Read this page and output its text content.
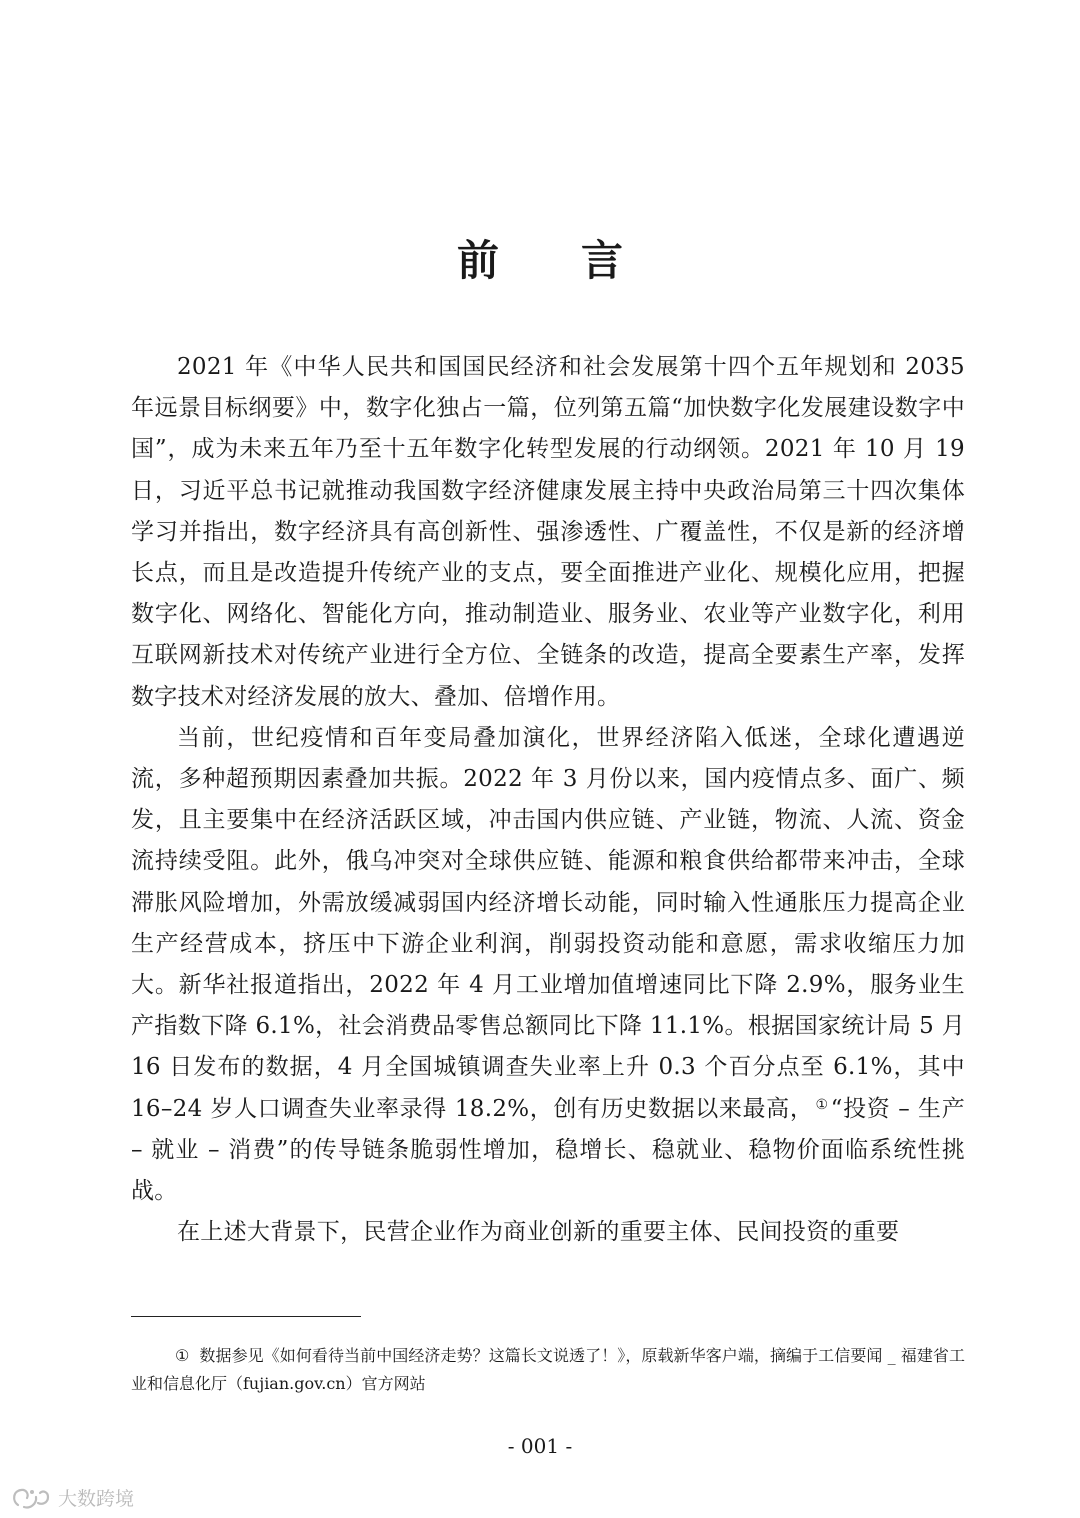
前 言

2021 年《中华人民共和国国民经济和社会发展第十四个五年规划和 2035 年远景目标纲要》中，数字化独占一篇，位列第五篇“加快数字化发展建设数字中国”，成为未来五年乃至十五年数字化转型发展的行动纲领。2021 年 10 月 19 日，习近平总书记就推动我国数字经济健康发展主持中央政治局第三十四次集体学习并指出，数字经济具有高创新性、强渗透性、广覆盖性，不仅是新的经济增长点，而且是改造提升传统产业的支点，要全面推进产业化、规模化应用，把握数字化、网络化、智能化方向，推动制造业、服务业、农业等产业数字化，利用互联网新技术对传统产业进行全方位、全链条的改造，提高全要素生产率，发挥数字技术对经济发展的放大、叠加、倍增作用。

当前，世纪疫情和百年变局叠加演化，世界经济陷入低迷，全球化遭遇逆流，多种超预期因素叠加共振。2022 年 3 月份以来，国内疫情点多、面广、频发，且主要集中在经济活跃区域，冲击国内供应链、产业链，物流、人流、资金流持续受阻。此外，俄乌冲突对全球供应链、能源和粮食供给都带来冲击，全球滞胀风险增加，外需放缓减弱国内经济增长动能，同时输入性通胀压力提高企业生产经营成本，挤压中下游企业利润，削弱投资动能和意愿，需求收缩压力加大。新华社报道指出，2022 年 4 月工业增加值增速同比下降 2.9%，服务业生产指数下降 6.1%，社会消费品零售总额同比下降 11.1%。根据国家统计局 5 月 16 日发布的数据，4 月全国城镇调查失业率上升 0.3 个百分点至 6.1%，其中 16–24 岁人口调查失业率录得 18.2%，创有历史数据以来最高， ①“投资 – 生产 – 就业 – 消费”的传导链条脆弱性增加，稳增长、稳就业、稳物价面临系统性挑战。

在上述大背景下，民营企业作为商业创新的重要主体、民间投资的重要

① 数据参见《如何看待当前中国经济走势？这篇长文说透了！》，原载新华客户端，摘编于工信要闻 _ 福建省工业和信息化厅（fujian.gov.cn）官方网站
- 001 -
大数跨境
